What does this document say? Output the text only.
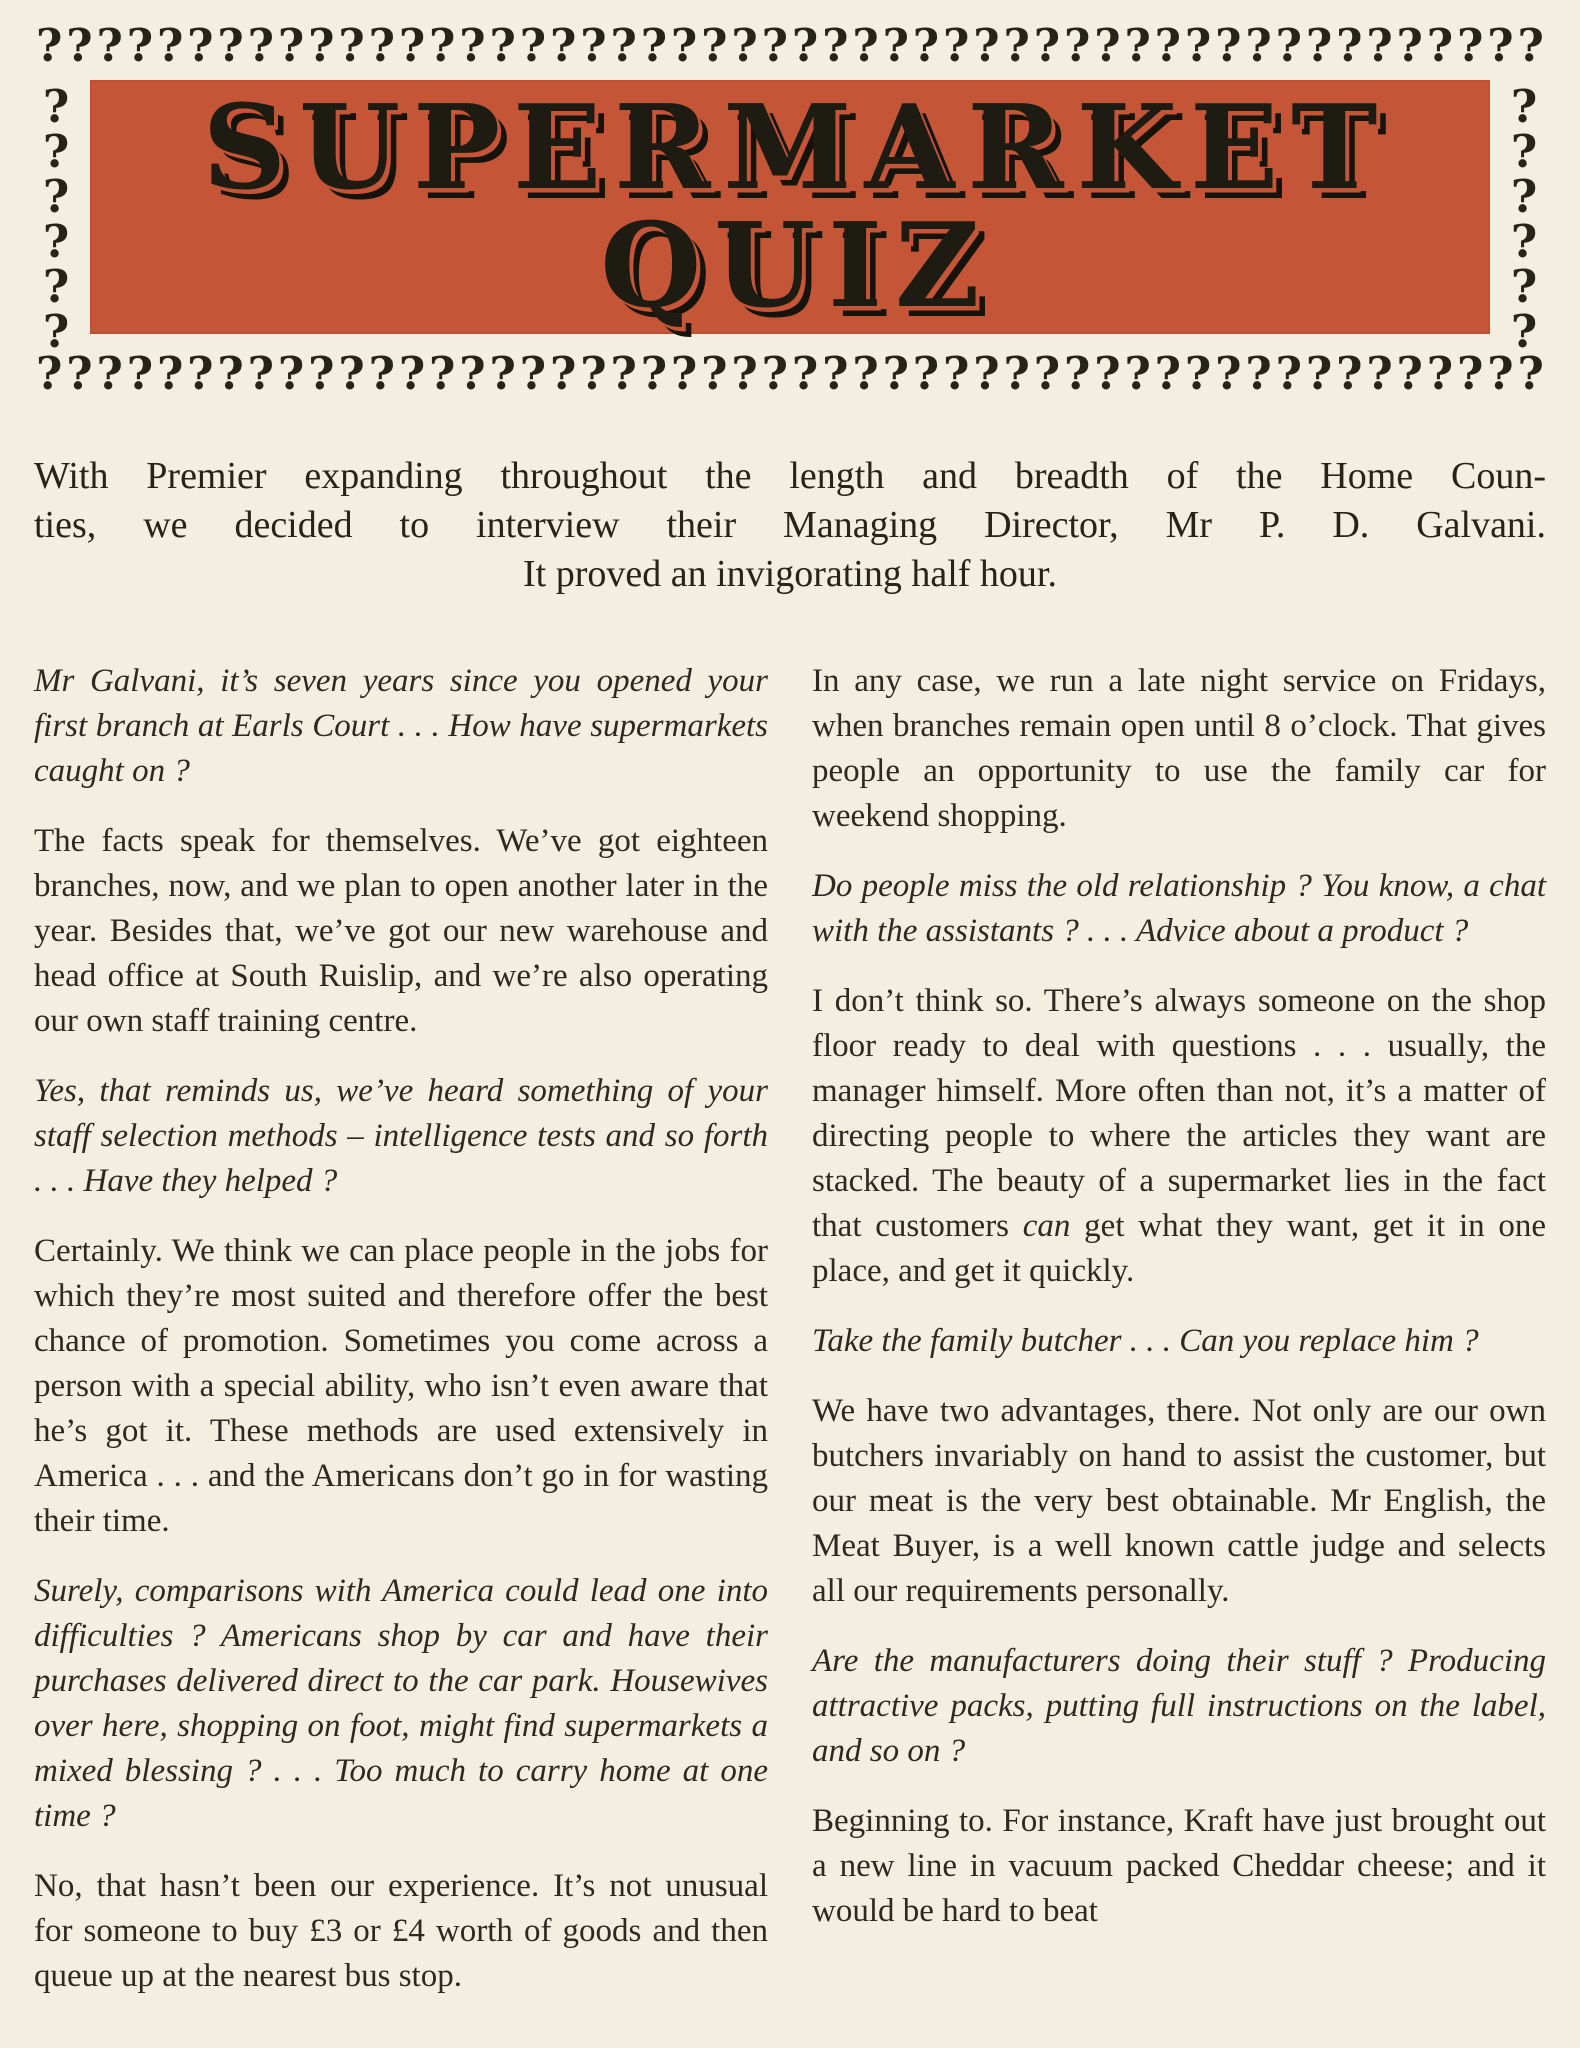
? ? ? ? ? ? ? ? ? ? ? ? ? ? ? ? ? ? ? ? ? ? ? ? ? ? ? ? ? ? ? ? ? ? ? ? ? ? ? ? ? ? ? ? ? ? ? ? ? ?
?
?
?
?
?
?
SUPERMARKET
QUIZ
?
?
?
?
?
?
? ? ? ? ? ? ? ? ? ? ? ? ? ? ? ? ? ? ? ? ? ? ? ? ? ? ? ? ? ? ? ? ? ? ? ? ? ? ? ? ? ? ? ? ? ? ? ? ? ?
With Premier expanding throughout the length and breadth of the Home Coun-
ties, we decided to interview their Managing Director, Mr P. D. Galvani.
It proved an invigorating half hour.

Mr Galvani, it’s seven years since you opened your first branch at Earls Court . . . How have supermarkets caught on ?

The facts speak for themselves. We’ve got eighteen branches, now, and we plan to open another later in the year. Besides that, we’ve got our new warehouse and head office at South Ruislip, and we’re also operating our own staff training centre.

Yes, that reminds us, we’ve heard something of your staff selection methods – intelligence tests and so forth . . . Have they helped ?

Certainly. We think we can place people in the jobs for which they’re most suited and therefore offer the best chance of promotion. Sometimes you come across a person with a special ability, who isn’t even aware that he’s got it. These methods are used extensively in America . . . and the Americans don’t go in for wasting their time.

Surely, comparisons with America could lead one into difficulties ? Americans shop by car and have their purchases delivered direct to the car park. Housewives over here, shopping on foot, might find supermarkets a mixed blessing ? . . . Too much to carry home at one time ?

No, that hasn’t been our experience. It’s not unusual for someone to buy £3 or £4 worth of goods and then queue up at the nearest bus stop.

In any case, we run a late night service on Fridays, when branches remain open until 8 o’clock. That gives people an opportunity to use the family car for weekend shopping.

Do people miss the old relationship ? You know, a chat with the assistants ? . . . Advice about a product ?

I don’t think so. There’s always someone on the shop floor ready to deal with questions . . . usually, the manager himself. More often than not, it’s a matter of directing people to where the articles they want are stacked. The beauty of a supermarket lies in the fact that customers can get what they want, get it in one place, and get it quickly.

Take the family butcher . . . Can you replace him ?

We have two advantages, there. Not only are our own butchers invariably on hand to assist the customer, but our meat is the very best obtainable. Mr English, the Meat Buyer, is a well known cattle judge and selects all our requirements personally.

Are the manufacturers doing their stuff ? Producing attractive packs, putting full instructions on the label, and so on ?

Beginning to. For instance, Kraft have just brought out a new line in vacuum packed Cheddar cheese; and it would be hard to beat
